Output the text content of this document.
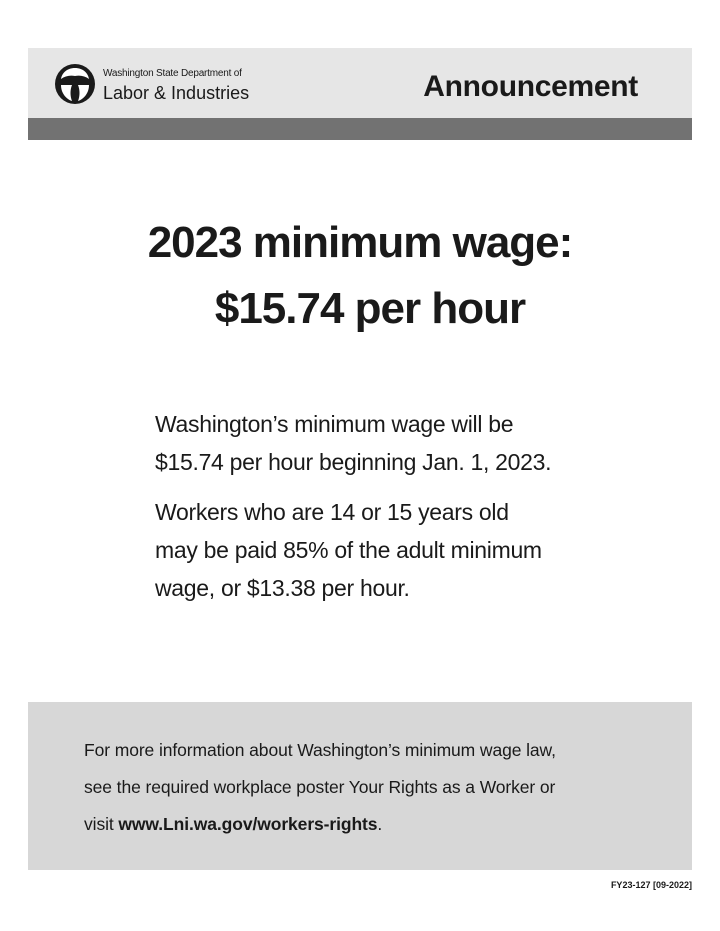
Washington State Department of
Labor & Industries	Announcement
2023 minimum wage:
$15.74 per hour

Washington’s minimum wage will be
$15.74 per hour beginning Jan. 1, 2023.

Workers who are 14 or 15 years old
may be paid 85% of the adult minimum
wage, or $13.38 per hour.

For more information about Washington’s minimum wage law,
see the required workplace poster Your Rights as a Worker or
visit www.Lni.wa.gov/workers-rights.
FY23-127 [09-2022]
